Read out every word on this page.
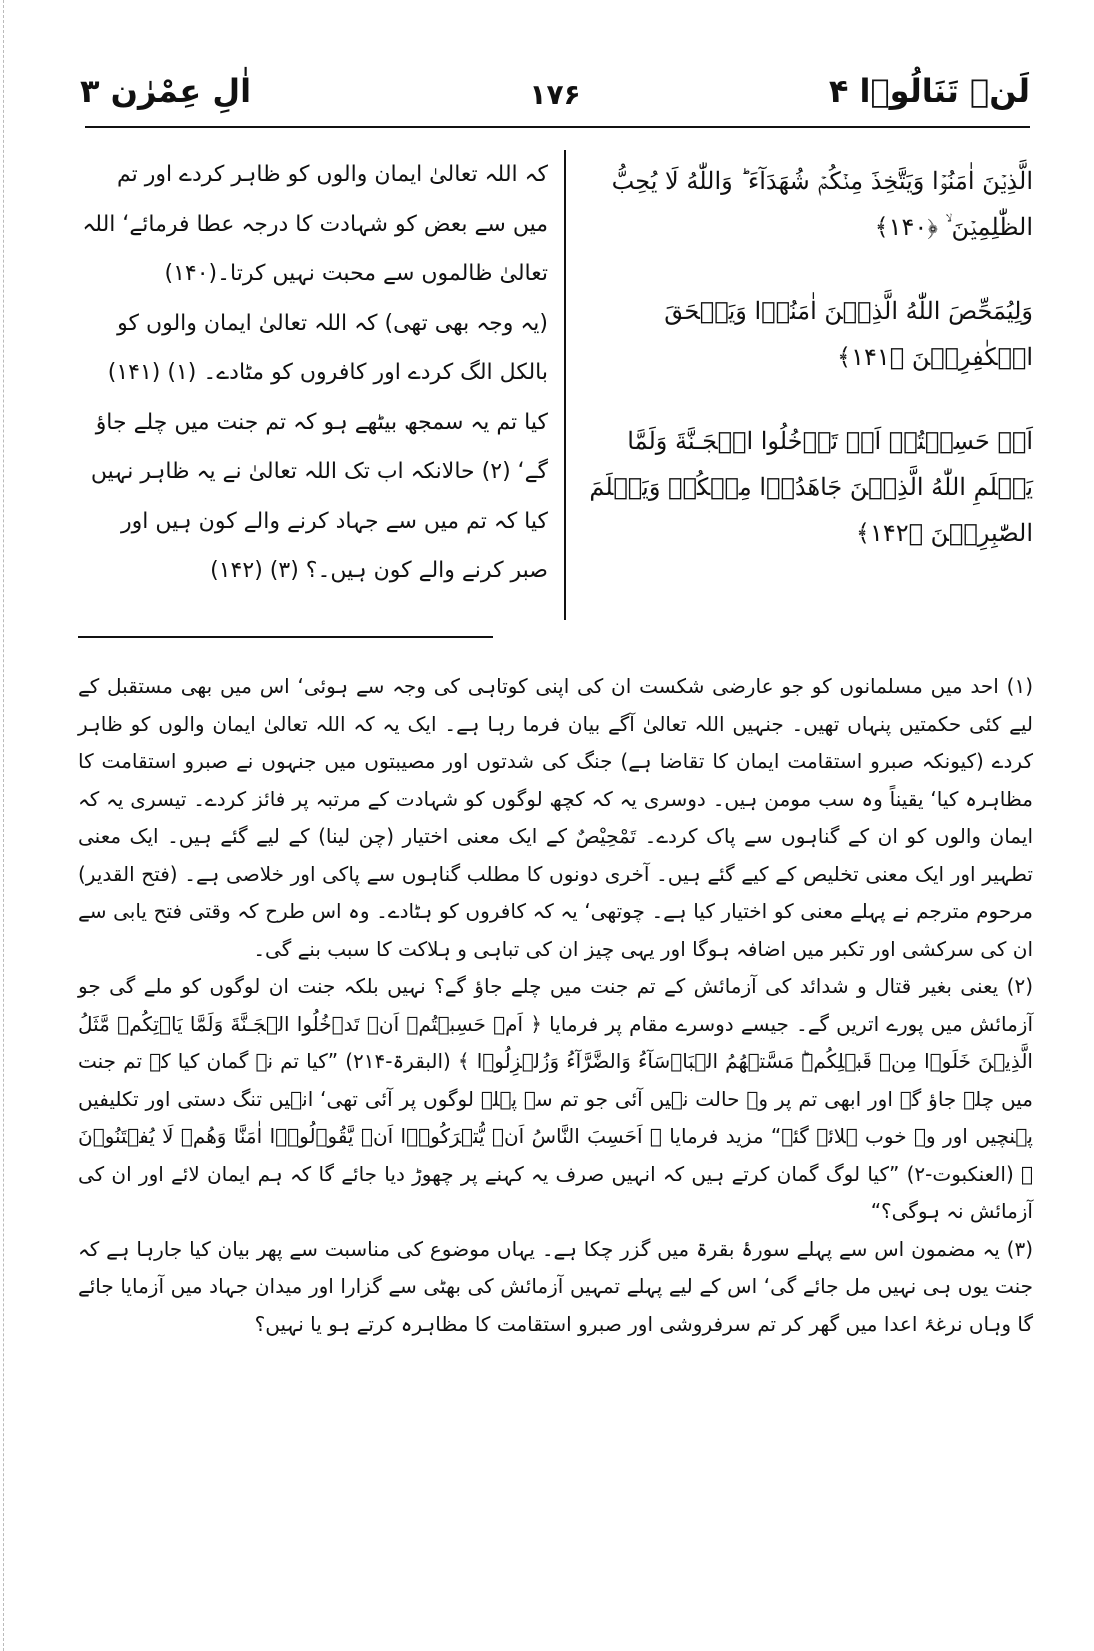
لَنۡ تَنَالُوۡا ۴
۱۷۶
اٰلِ عِمْرٰن ۳
الَّذِيۡنَ اٰمَنُوۡا وَيَتَّخِذَ مِنۡكُمۡ شُهَدَآءَ ‌ؕ وَاللّٰهُ لَا يُحِبُّ الظّٰلِمِيۡنَ ۙ ﴿۱۴۰﴾
وَلِيُمَحِّصَ اللّٰهُ الَّذِيۡنَ اٰمَنُوۡا وَيَمۡحَقَ الۡكٰفِرِيۡنَ ﴿۱۴۱﴾
اَمۡ حَسِبۡتُمۡ اَنۡ تَدۡخُلُوا الۡجَـنَّةَ وَلَمَّا يَعۡلَمِ اللّٰهُ الَّذِيۡنَ جَاهَدُوۡا مِنۡكُمۡ وَيَعۡلَمَ الصّٰبِرِيۡنَ ﴿۱۴۲﴾

کہ اللہ تعالیٰ ایمان والوں کو ظاہر کردے اور تم میں سے بعض کو شہادت کا درجہ عطا فرمائے‘ اللہ تعالیٰ ظالموں سے محبت نہیں کرتا۔(۱۴۰)

(یہ وجہ بھی تھی) کہ اللہ تعالیٰ ایمان والوں کو بالکل الگ کردے اور کافروں کو مٹادے۔ (۱) (۱۴۱)

کیا تم یہ سمجھ بیٹھے ہو کہ تم جنت میں چلے جاؤ گے‘ (۲) حالانکہ اب تک اللہ تعالیٰ نے یہ ظاہر نہیں کیا کہ تم میں سے جہاد کرنے والے کون ہیں اور صبر کرنے والے کون ہیں۔؟ (۳) (۱۴۲)

(۱) احد میں مسلمانوں کو جو عارضی شکست ان کی اپنی کوتاہی کی وجہ سے ہوئی‘ اس میں بھی مستقبل کے لیے کئی حکمتیں پنہاں تھیں۔ جنہیں اللہ تعالیٰ آگے بیان فرما رہا ہے۔ ایک یہ کہ اللہ تعالیٰ ایمان والوں کو ظاہر کردے (کیونکہ صبرو استقامت ایمان کا تقاضا ہے) جنگ کی شدتوں اور مصیبتوں میں جنہوں نے صبرو استقامت کا مظاہرہ کیا‘ یقیناً وہ سب مومن ہیں۔ دوسری یہ کہ کچھ لوگوں کو شہادت کے مرتبہ پر فائز کردے۔ تیسری یہ کہ ایمان والوں کو ان کے گناہوں سے پاک کردے۔ تَمْحِيْصٌ کے ایک معنی اختیار (چن لینا) کے لیے گئے ہیں۔ ایک معنی تطہیر اور ایک معنی تخلیص کے کیے گئے ہیں۔ آخری دونوں کا مطلب گناہوں سے پاکی اور خلاصی ہے۔ (فتح القدیر) مرحوم مترجم نے پہلے معنی کو اختیار کیا ہے۔ چوتھی‘ یہ کہ کافروں کو ہٹادے۔ وہ اس طرح کہ وقتی فتح یابی سے ان کی سرکشی اور تکبر میں اضافہ ہوگا اور یہی چیز ان کی تباہی و ہلاکت کا سبب بنے گی۔

(۲) یعنی بغیر قتال و شدائد کی آزمائش کے تم جنت میں چلے جاؤ گے؟ نہیں بلکہ جنت ان لوگوں کو ملے گی جو آزمائش میں پورے اتریں گے۔ جیسے دوسرے مقام پر فرمایا ﴿ اَمۡ حَسِبۡتُمۡ اَنۡ تَدۡخُلُوا الۡجَـنَّةَ وَلَمَّا يَاۡتِكُمۡ مَّثَلُ الَّذِيۡنَ خَلَوۡا مِنۡ قَبۡلِكُمۡ‌ؕ مَسَّتۡهُمُ الۡبَاۡسَآءُ وَالضَّرَّآءُ وَزُلۡزِلُوۡا ﴾ (البقرۃ-۲۱۴) ”کیا تم نے گمان کیا کہ تم جنت میں چلے جاؤ گے اور ابھی تم پر وہ حالت نہیں آئی جو تم سے پہلے لوگوں پر آئی تھی‘ انہیں تنگ دستی اور تکلیفیں پہنچیں اور وہ خوب ہلائے گئے“ مزید فرمایا ﴿ اَحَسِبَ النَّاسُ اَنۡ يُّتۡرَكُوۡۤا اَنۡ يَّقُوۡلُوۡۤا اٰمَنَّا وَهُمۡ لَا يُفۡتَنُوۡنَ ﴾ (العنکبوت-۲) ”کیا لوگ گمان کرتے ہیں کہ انہیں صرف یہ کہنے پر چھوڑ دیا جائے گا کہ ہم ایمان لائے اور ان کی آزمائش نہ ہوگی؟“

(۳) یہ مضمون اس سے پہلے سورۂ بقرۃ میں گزر چکا ہے۔ یہاں موضوع کی مناسبت سے پھر بیان کیا جارہا ہے کہ جنت یوں ہی نہیں مل جائے گی‘ اس کے لیے پہلے تمہیں آزمائش کی بھٹی سے گزارا اور میدان جہاد میں آزمایا جائے گا وہاں نرغۂ اعدا میں گھر کر تم سرفروشی اور صبرو استقامت کا مظاہرہ کرتے ہو یا نہیں؟
